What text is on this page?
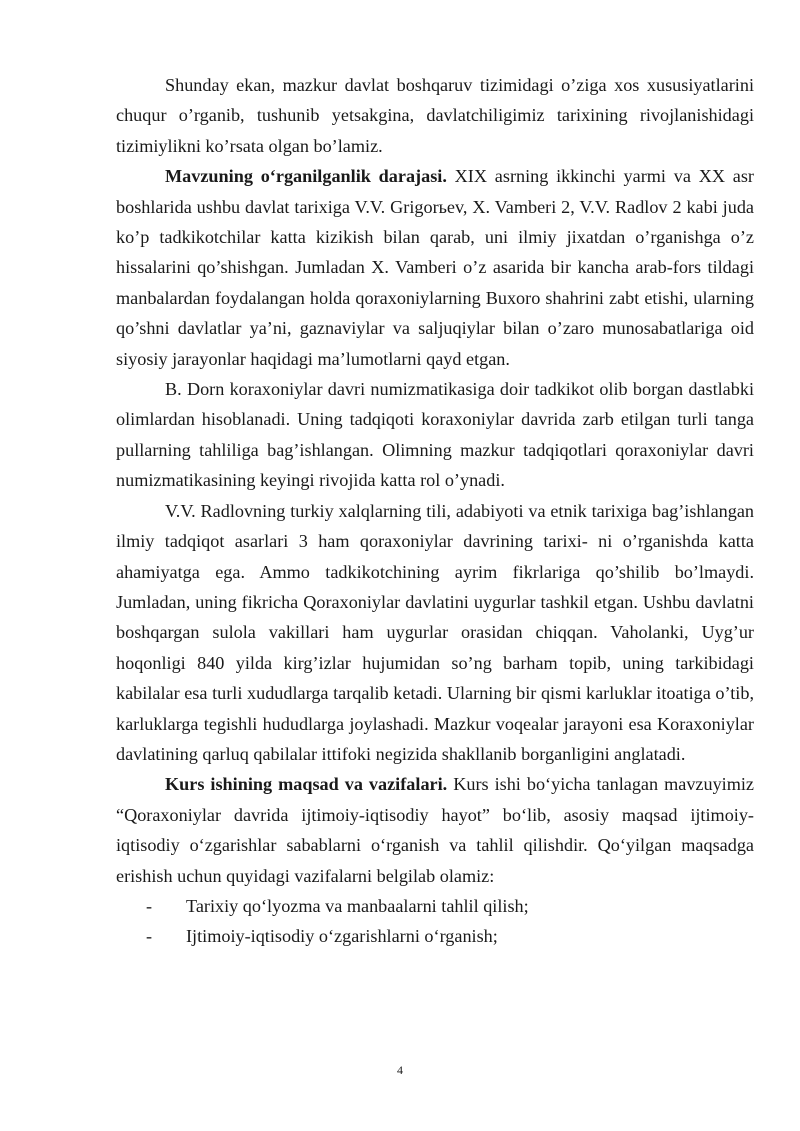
Shunday ekan, mazkur davlat boshqaruv tizimidagi o’ziga xos xususiyatlarini chuqur o’rganib, tushunib yetsakgina, davlatchiligimiz tarixining rivojlanishidagi tizimiylikni ko’rsata olgan bo’lamiz.

Mavzuning o‘rganilganlik darajasi. XIX asrning ikkinchi yarmi va XX asr boshlarida ushbu davlat tarixiga V.V. Grigorьev, X. Vamberi 2, V.V. Radlov 2 kabi juda ko’p tadkikotchilar katta kizikish bilan qarab, uni ilmiy jixatdan o’rganishga o’z hissalarini qo’shishgan. Jumladan X. Vamberi o’z asarida bir kancha arab-fors tildagi manbalardan foydalangan holda qoraxoniylarning Buxoro shahrini zabt etishi, ularning qo’shni davlatlar ya’ni, gaznaviylar va saljuqiylar bilan o’zaro munosabatlariga oid siyosiy jarayonlar haqidagi ma’lumotlarni qayd etgan.

B. Dorn koraxoniylar davri numizmatikasiga doir tadkikot olib borgan dastlabki olimlardan hisoblanadi. Uning tadqiqoti koraxoniylar davrida zarb etilgan turli tanga pullarning tahliliga bag’ishlangan. Olimning mazkur tadqiqotlari qoraxoniylar davri numizmatikasining keyingi rivojida katta rol o’ynadi.

V.V. Radlovning turkiy xalqlarning tili, adabiyoti va etnik tarixiga bag’ishlangan ilmiy tadqiqot asarlari 3 ham qoraxoniylar davrining tarixi- ni o’rganishda katta ahamiyatga ega. Ammo tadkikotchining ayrim fikrlariga qo’shilib bo’lmaydi. Jumladan, uning fikricha Qoraxoniylar davlatini uygurlar tashkil etgan. Ushbu davlatni boshqargan sulola vakillari ham uygurlar orasidan chiqqan. Vaholanki, Uyg’ur hoqonligi 840 yilda kirg’izlar hujumidan so’ng barham topib, uning tarkibidagi kabilalar esa turli xududlarga tarqalib ketadi. Ularning bir qismi karluklar itoatiga o’tib, karluklarga tegishli hududlarga joylashadi. Mazkur voqealar jarayoni esa Koraxoniylar davlatining qarluq qabilalar ittifoki negizida shakllanib borganligini anglatadi.

Kurs ishining maqsad va vazifalari. Kurs ishi bo‘yicha tanlagan mavzuyimiz “Qoraxoniylar davrida ijtimoiy-iqtisodiy hayot” bo‘lib, asosiy maqsad ijtimoiy-iqtisodiy o‘zgarishlar sabablarni o‘rganish va tahlil qilishdir. Qo‘yilgan maqsadga erishish uchun quyidagi vazifalarni belgilab olamiz:

- Tarixiy qo‘lyozma va manbaalarni tahlil qilish;
- Ijtimoiy-iqtisodiy o‘zgarishlarni o‘rganish;
4
